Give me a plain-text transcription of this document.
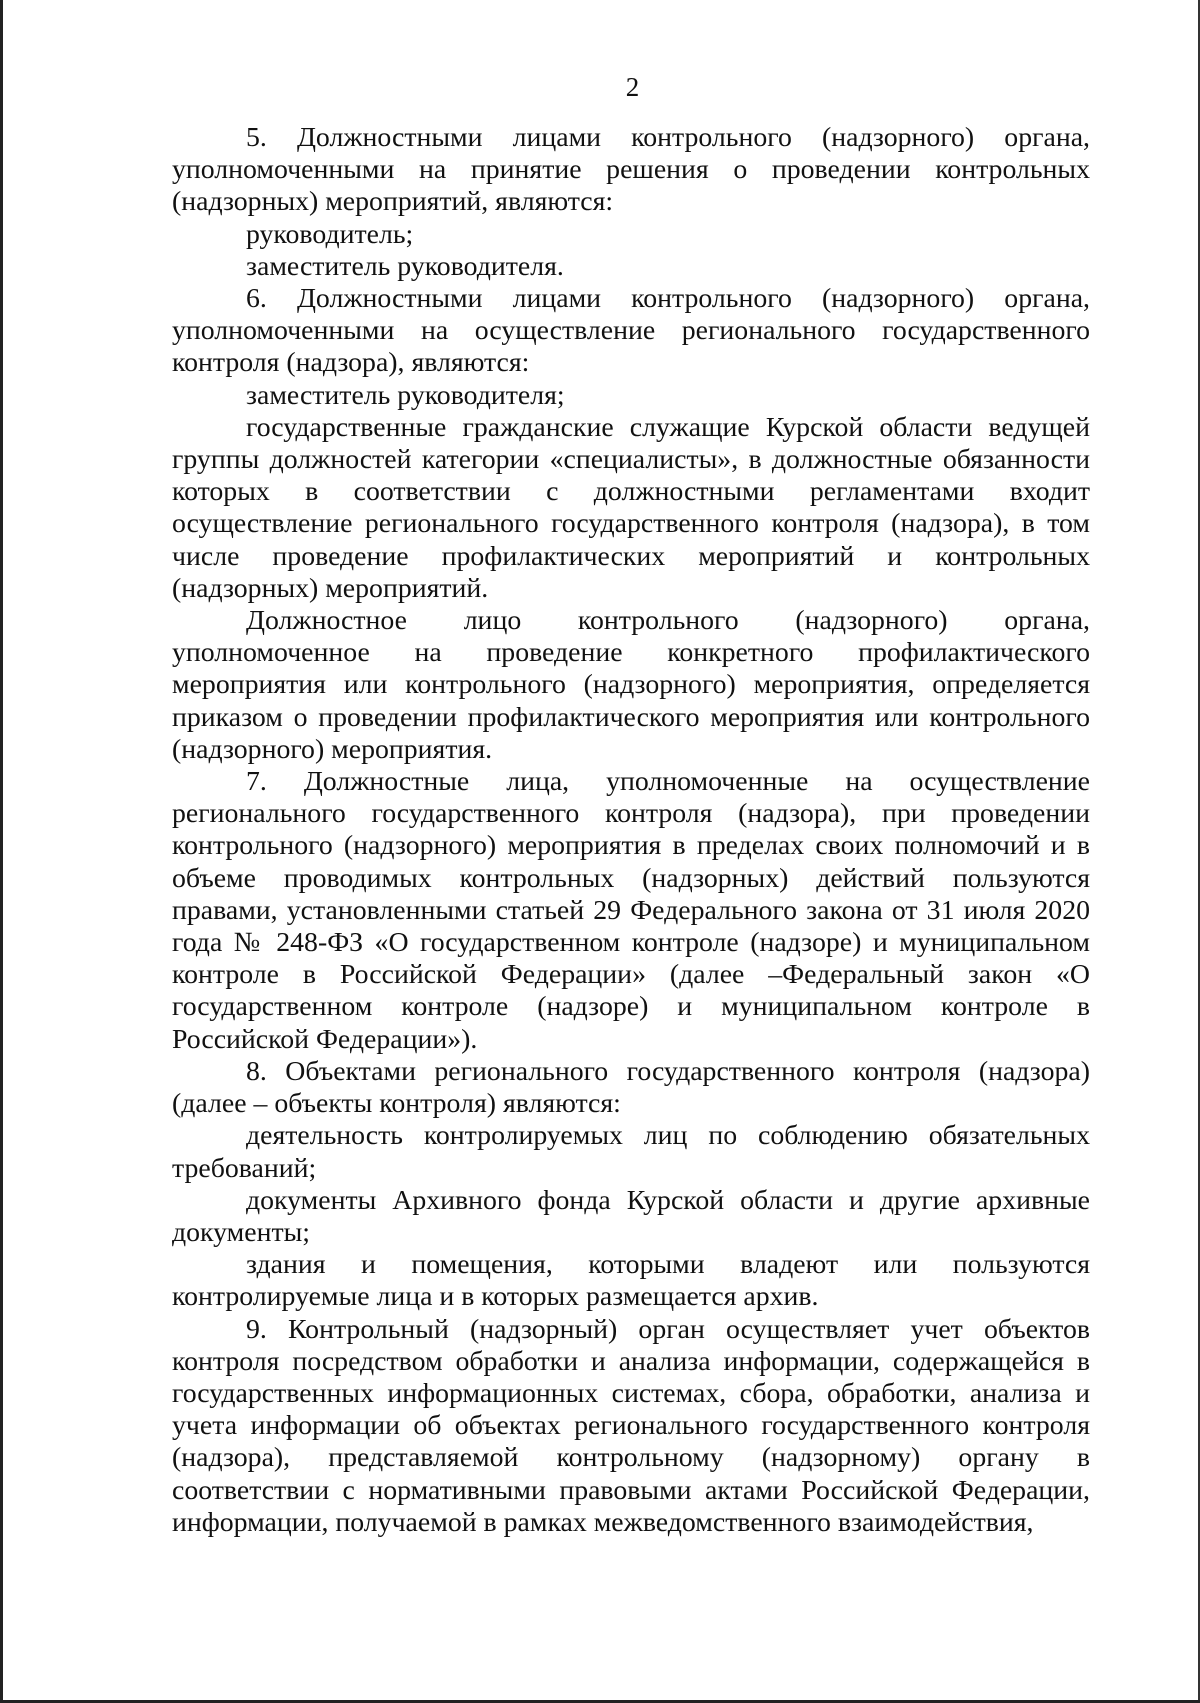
2

5. Должностными лицами контрольного (надзорного) органа, уполномоченными на принятие решения о проведении контрольных (надзорных) мероприятий, являются:

руководитель;

заместитель руководителя.

6. Должностными лицами контрольного (надзорного) органа, уполномоченными на осуществление регионального государственного контроля (надзора), являются:

заместитель руководителя;

государственные гражданские служащие Курской области ведущей группы должностей категории «специалисты», в должностные обязанности которых в соответствии с должностными регламентами входит осуществление регионального государственного контроля (надзора), в том числе проведение профилактических мероприятий и контрольных (надзорных) мероприятий.

Должностное лицо контрольного (надзорного) органа, уполномоченное на проведение конкретного профилактического мероприятия или контрольного (надзорного) мероприятия, определяется приказом о проведении профилактического мероприятия или контрольного (надзорного) мероприятия.

7. Должностные лица, уполномоченные на осуществление регионального государственного контроля (надзора), при проведении контрольного (надзорного) мероприятия в пределах своих полномочий и в объеме проводимых контрольных (надзорных) действий пользуются правами, установленными статьей 29 Федерального закона от 31 июля 2020 года № 248-ФЗ «О государственном контроле (надзоре) и муниципальном контроле в Российской Федерации» (далее –Федеральный закон «О государственном контроле (надзоре) и муниципальном контроле в Российской Федерации»).

8. Объектами регионального государственного контроля (надзора) (далее – объекты контроля) являются:

деятельность контролируемых лиц по соблюдению обязательных требований;

документы Архивного фонда Курской области и другие архивные документы;

здания и помещения, которыми владеют или пользуются контролируемые лица и в которых размещается архив.

9. Контрольный (надзорный) орган осуществляет учет объектов контроля посредством обработки и анализа информации, содержащейся в государственных информационных системах, сбора, обработки, анализа и учета информации об объектах регионального государственного контроля (надзора), представляемой контрольному (надзорному) органу в соответствии с нормативными правовыми актами Российской Федерации, информации, получаемой в рамках межведомственного взаимодействия,
